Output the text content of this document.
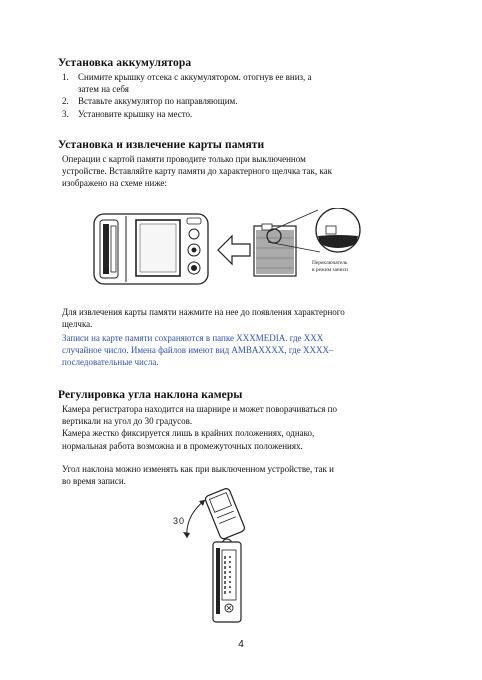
Установка аккумулятора
1. Снимите крышку отсека с аккумулятором. отогнув ее вниз, а
затем на себя
2. Вставьте аккумулятор по направляющим.
3. Установите крышку на место.
Установка и извлечение карты памяти
Операции с картой памяти проводите только при выключенном
устройстве. Вставляйте карту памяти до характерного щелчка так, как
изображено на схеме ниже:
Переключатель
в режим записи
Для извлечения карты памяти нажмите на нее до появления характерного
щелчка.
Записи на карте памяти сохраняются в папке XXXMEDIA. где XXX
случайное число. Имена файлов имеют вид AMBAXXXX, где XXXX–
последовательные числа.
Регулировка угла наклона камеры
Камера регистратора находится на шарнире и может поворачиваться по
вертикали на угол до 30 градусов.
Камера жестко фиксируется лишь в крайних положениях, однако,
нормальная работа возможна и в промежуточных положениях.
Угол наклона можно изменять как при выключенном устройстве, так и
во время записи.
30
4
